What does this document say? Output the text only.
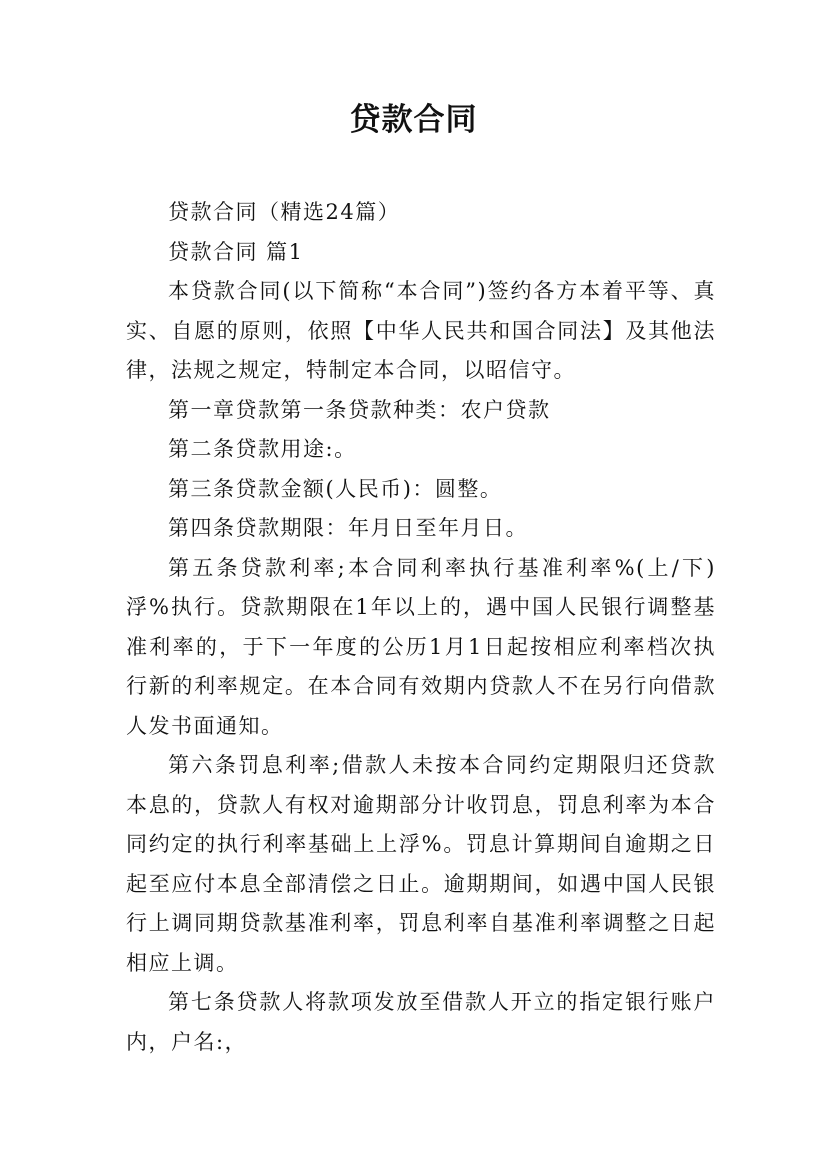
贷款合同

贷款合同（精选24篇）

贷款合同 篇1

本贷款合同(以下简称“本合同”)签约各方本着平等、真实、自愿的原则，依照【中华人民共和国合同法】及其他法律，法规之规定，特制定本合同，以昭信守。

第一章贷款第一条贷款种类：农户贷款

第二条贷款用途:。

第三条贷款金额(人民币)：圆整。

第四条贷款期限：年月日至年月日。

第五条贷款利率;本合同利率执行基准利率%(上/下)浮%执行。贷款期限在1年以上的，遇中国人民银行调整基准利率的，于下一年度的公历1月1日起按相应利率档次执行新的利率规定。在本合同有效期内贷款人不在另行向借款人发书面通知。

第六条罚息利率;借款人未按本合同约定期限归还贷款本息的，贷款人有权对逾期部分计收罚息，罚息利率为本合同约定的执行利率基础上上浮%。罚息计算期间自逾期之日起至应付本息全部清偿之日止。逾期期间，如遇中国人民银行上调同期贷款基准利率，罚息利率自基准利率调整之日起相应上调。

第七条贷款人将款项发放至借款人开立的指定银行账户内，户名:，
